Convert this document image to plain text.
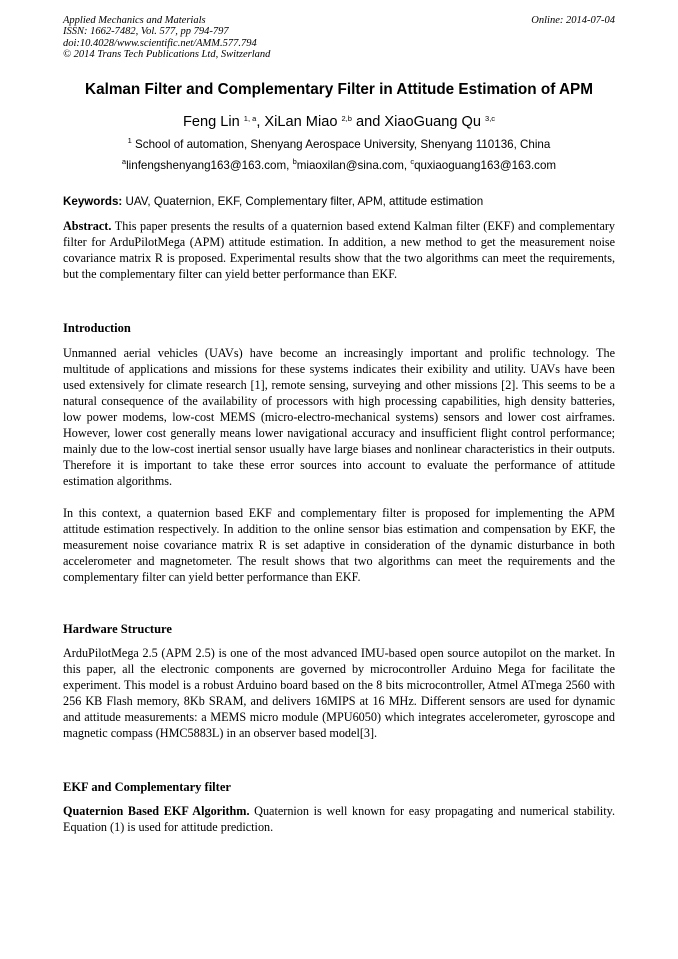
Applied Mechanics and Materials
ISSN: 1662-7482, Vol. 577, pp 794-797
doi:10.4028/www.scientific.net/AMM.577.794
© 2014 Trans Tech Publications Ltd, Switzerland
Online: 2014-07-04
Kalman Filter and Complementary Filter in Attitude Estimation of APM
Feng Lin $^{1, a}$, XiLan Miao $^{2,b}$ and XiaoGuang Qu $^{3,c}$
$^1$ School of automation, Shenyang Aerospace University, Shenyang 110136, China
$^a$linfengshenyang163@163.com, $^b$miaoxilan@sina.com, $^c$quxiaoguang163@163.com
Keywords: UAV, Quaternion, EKF, Complementary filter, APM, attitude estimation
Abstract. This paper presents the results of a quaternion based extend Kalman filter (EKF) and complementary filter for ArduPilotMega (APM) attitude estimation. In addition, a new method to get the measurement noise covariance matrix R is proposed. Experimental results show that the two algorithms can meet the requirements, but the complementary filter can yield better performance than EKF.
Introduction
Unmanned aerial vehicles (UAVs) have become an increasingly important and prolific technology. The multitude of applications and missions for these systems indicates their exibility and utility. UAVs have been used extensively for climate research [1], remote sensing, surveying and other missions [2]. This seems to be a natural consequence of the availability of processors with high processing capabilities, high density batteries, low power modems, low-cost MEMS (micro-electro-mechanical systems) sensors and lower cost airframes. However, lower cost generally means lower navigational accuracy and insufficient flight control performance; mainly due to the low-cost inertial sensor usually have large biases and nonlinear characteristics in their outputs. Therefore it is important to take these error sources into account to evaluate the performance of attitude estimation algorithms.
In this context, a quaternion based EKF and complementary filter is proposed for implementing the APM attitude estimation respectively. In addition to the online sensor bias estimation and compensation by EKF, the measurement noise covariance matrix R is set adaptive in consideration of the dynamic disturbance in both accelerometer and magnetometer. The result shows that two algorithms can meet the requirements and the complementary filter can yield better performance than EKF.
Hardware Structure
ArduPilotMega 2.5 (APM 2.5) is one of the most advanced IMU-based open source autopilot on the market. In this paper, all the electronic components are governed by microcontroller Arduino Mega for facilitate the experiment. This model is a robust Arduino board based on the 8 bits microcontroller, Atmel ATmega 2560 with 256 KB Flash memory, 8Kb SRAM, and delivers 16MIPS at 16 MHz. Different sensors are used for dynamic and attitude measurements: a MEMS micro module (MPU6050) which integrates accelerometer, gyroscope and magnetic compass (HMC5883L) in an observer based model[3].
EKF and Complementary filter
Quaternion Based EKF Algorithm. Quaternion is well known for easy propagating and numerical stability. Equation (1) is used for attitude prediction.
